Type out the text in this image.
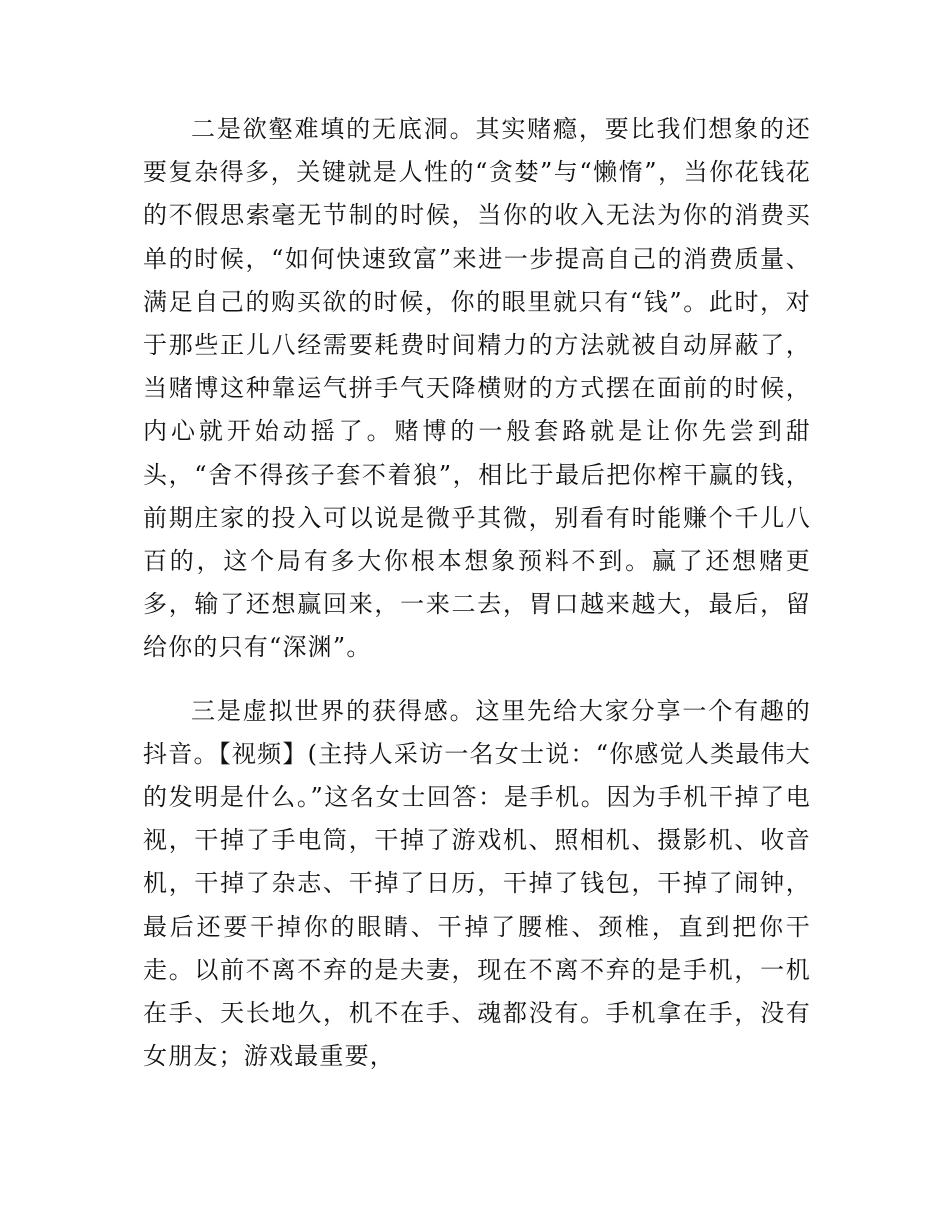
二是欲壑难填的无底洞。其实赌瘾，要比我们想象的还要复杂得多，关键就是人性的“贪婪”与“懒惰”，当你花钱花的不假思索毫无节制的时候，当你的收入无法为你的消费买单的时候，“如何快速致富”来进一步提高自己的消费质量、满足自己的购买欲的时候，你的眼里就只有“钱”。此时，对于那些正儿八经需要耗费时间精力的方法就被自动屏蔽了，当赌博这种靠运气拼手气天降横财的方式摆在面前的时候，内心就开始动摇了。赌博的一般套路就是让你先尝到甜头，“舍不得孩子套不着狼”，相比于最后把你榨干赢的钱，前期庄家的投入可以说是微乎其微，别看有时能赚个千儿八百的，这个局有多大你根本想象预料不到。赢了还想赌更多，输了还想赢回来，一来二去，胃口越来越大，最后，留给你的只有“深渊”。

三是虚拟世界的获得感。这里先给大家分享一个有趣的抖音。【视频】(主持人采访一名女士说：“你感觉人类最伟大的发明是什么。”这名女士回答：是手机。因为手机干掉了电视，干掉了手电筒，干掉了游戏机、照相机、摄影机、收音机，干掉了杂志、干掉了日历，干掉了钱包，干掉了闹钟，最后还要干掉你的眼睛、干掉了腰椎、颈椎，直到把你干走。以前不离不弃的是夫妻，现在不离不弃的是手机，一机在手、天长地久，机不在手、魂都没有。手机拿在手，没有女朋友；游戏最重要，
